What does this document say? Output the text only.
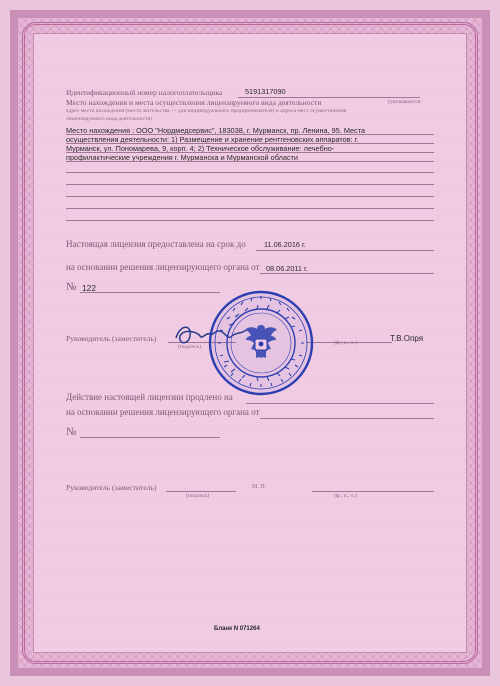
Идентификационный номер налогоплательщика	5191317090
Место нахождения и места осуществления лицензируемого вида деятельности	(указываются
адрес места нахождения (места жительства — для индивидуального предпринимателя) и адреса мест осуществления
лицензируемого вида деятельности)
Место нахождения : ООО "Нордмедсервис", 183038, г. Мурманск, пр. Ленина, 95. Места
осуществления деятельности: 1) Размещение и хранение рентгеновских аппаратов: г.
Мурманск, ул. Пономарева, 9, корп. 4; 2) Техническое обслуживание: лечебно-
профилактические учреждения г. Мурманска и Мурманской области
Настоящая лицензия предоставлена на срок до	11.06.2016 г.
на основании решения лицензирующего органа от 08.06.2011 г.
№ 122
Руководитель (заместитель)
(подпись)
(ф., и., о.)	Т.В.Опря
Действие настоящей лицензии продлено на
на основании решения лицензирующего органа от
№
Руководитель (заместитель)
(подпись)
М. П.
(ф., и., о.)
Бланк N 071264
